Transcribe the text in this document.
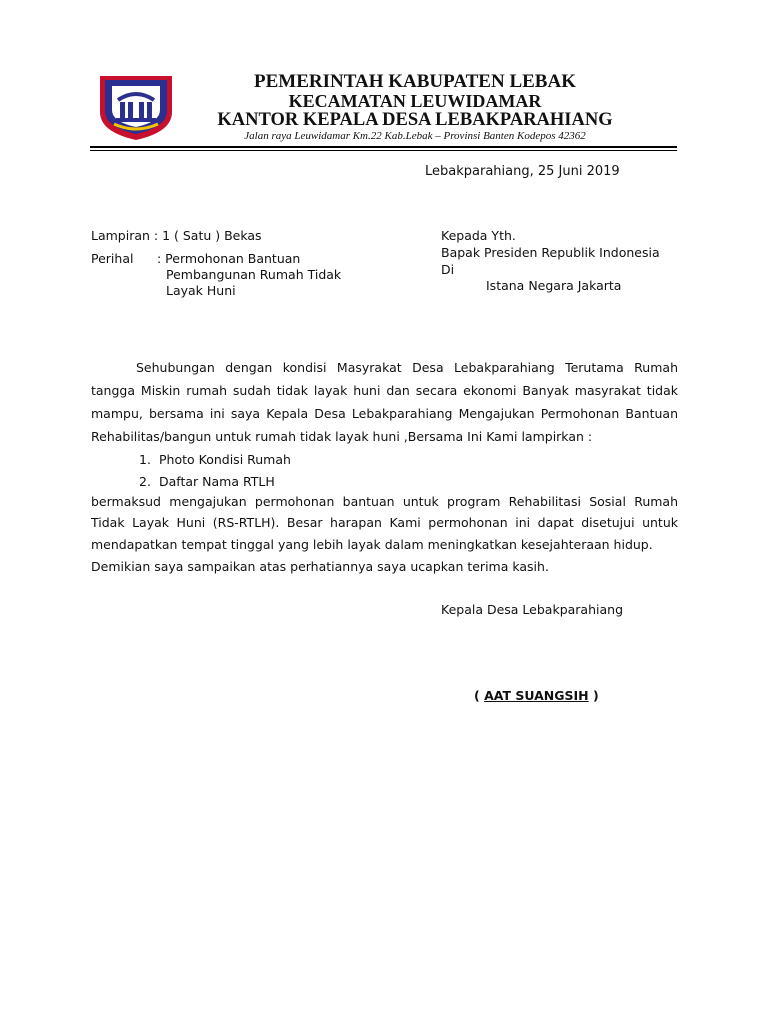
PEMERINTAH KABUPATEN LEBAK
KECAMATAN LEUWIDAMAR
KANTOR KEPALA DESA LEBAKPARAHIANG
Jalan raya Leuwidamar Km.22 Kab.Lebak – Provinsi Banten Kodepos 42362
Lebakparahiang, 25 Juni 2019
Lampiran : 1 ( Satu ) Bekas
Perihal : Permohonan Bantuan
Pembangunan Rumah Tidak
Layak Huni
Kepada Yth.
Bapak Presiden Republik Indonesia
Di
Istana Negara Jakarta
Sehubungan dengan kondisi Masyrakat Desa Lebakparahiang Terutama Rumah
tangga Miskin rumah sudah tidak layak huni dan secara ekonomi Banyak masyrakat tidak
mampu, bersama ini saya Kepala Desa Lebakparahiang Mengajukan Permohonan Bantuan
Rehabilitas/bangun untuk rumah tidak layak huni ,Bersama Ini Kami lampirkan :
1. Photo Kondisi Rumah
2. Daftar Nama RTLH
bermaksud mengajukan permohonan bantuan untuk program Rehabilitasi Sosial Rumah
Tidak Layak Huni (RS-RTLH). Besar harapan Kami permohonan ini dapat disetujui untuk
mendapatkan tempat tinggal yang lebih layak dalam meningkatkan kesejahteraan hidup.
Demikian saya sampaikan atas perhatiannya saya ucapkan terima kasih.
Kepala Desa Lebakparahiang
( AAT SUANGSIH )
